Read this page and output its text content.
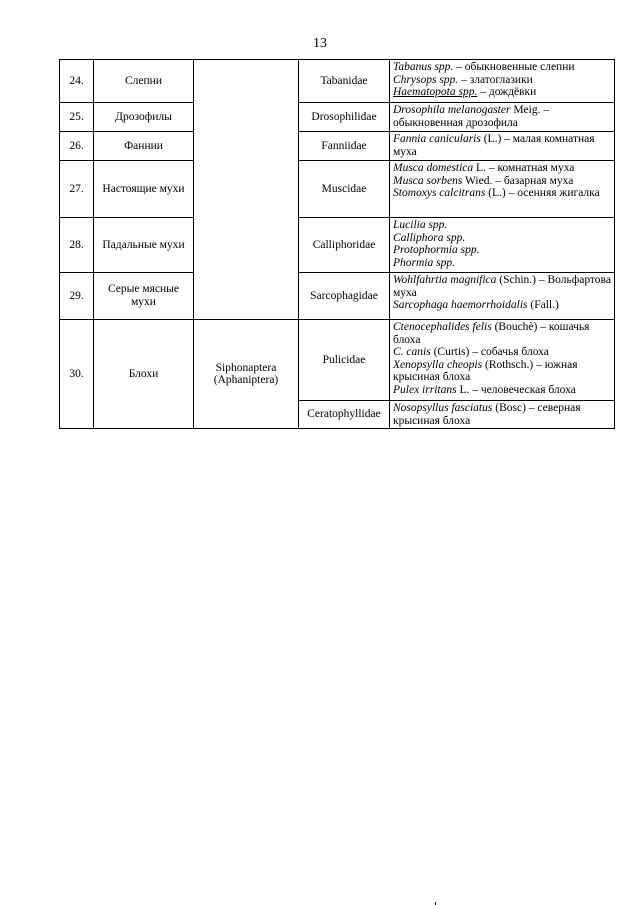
13
24.	Слепни		Tabanidae	Tabanus spp. – обыкновенные слепни
Chrysops spp. – златоглазики
Haematopota spp. – дождёвки

25.	Дрозофилы		Drosophilidae	Drosophila melanogaster Meig. – обыкновенная дрозофила

26.	Фаннии		Fanniidae	Fannia canicularis (L.) – малая комнатная муха

27.	Настоящие мухи		Muscidae	Musca domestica L. – комнатная муха
Musca sorbens Wied. – базарная муха
Stomoxys calcitrans (L.) – осенняя жигалка

28.	Падальные мухи		Calliphoridae	Lucilia spp.
Calliphora spp.
Protophormia spp.
Phormia spp.

29.	Серые мясные мухи		Sarcophagidae	Wohlfahrtia magnifica (Schin.) – Вольфартова муха
Sarcophaga haemorrhoidalis (Fall.)

30.	Блохи	Siphonaptera (Aphaniptera)	Pulicidae	Ctenocephalides felis (Bouchè) – кошачья блоха
C. canis (Curtis) – собачья блоха
Xenopsylla cheopis (Rothsch.) – южная крысиная блоха
Pulex irritans L. – человеческая блоха

			Ceratophyllidae	Nosopsyllus fasciatus (Bosc) – северная крысиная блоха
